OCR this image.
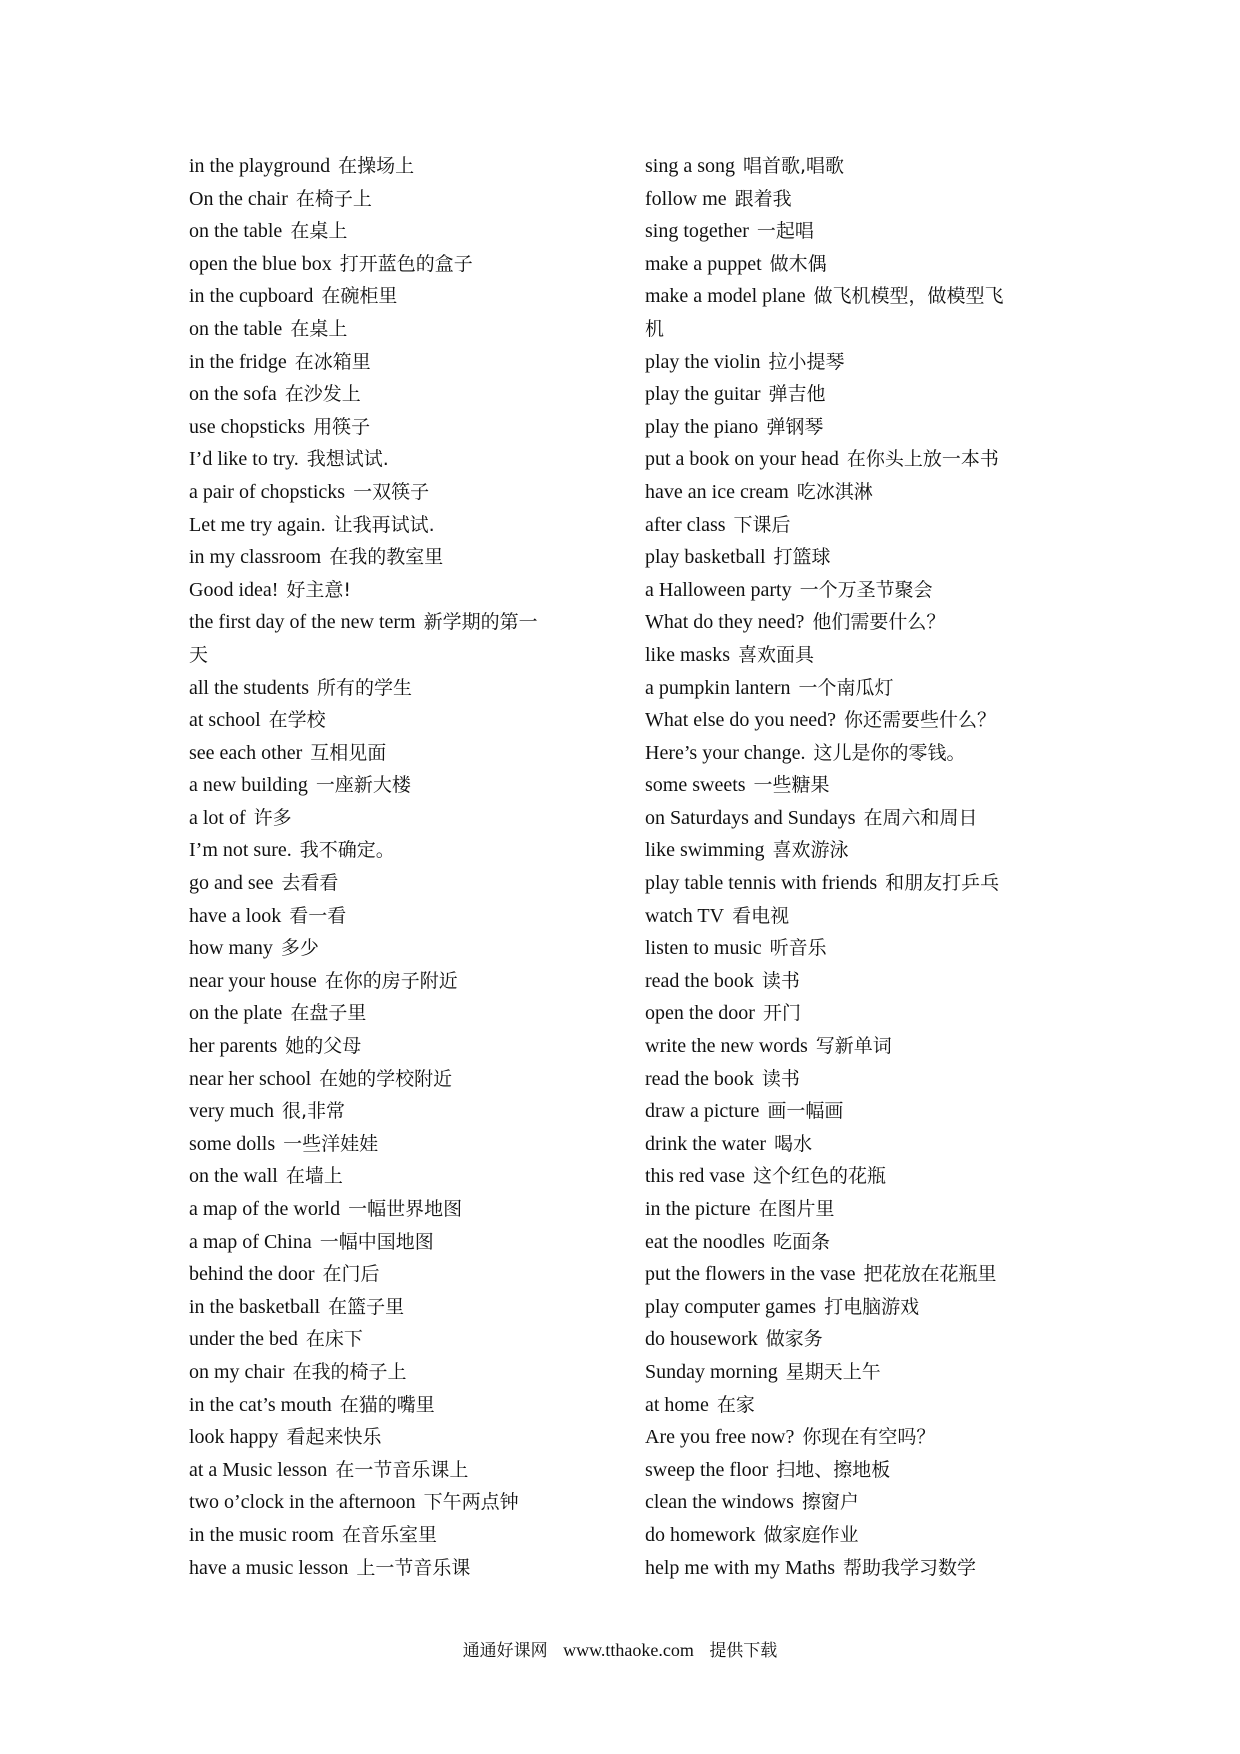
in the playground 在操场上
On the chair 在椅子上
on the table 在桌上
open the blue box 打开蓝色的盒子
in the cupboard 在碗柜里
on the table 在桌上
in the fridge 在冰箱里
on the sofa 在沙发上
use chopsticks 用筷子
I’d like to try. 我想试试.
a pair of chopsticks 一双筷子
Let me try again. 让我再试试.
in my classroom 在我的教室里
Good idea! 好主意!
the first day of the new term 新学期的第一
天
all the students 所有的学生
at school 在学校
see each other 互相见面
a new building 一座新大楼
a lot of 许多
I’m not sure. 我不确定。
go and see 去看看
have a look 看一看
how many 多少
near your house 在你的房子附近
on the plate 在盘子里
her parents 她的父母
near her school 在她的学校附近
very much 很,非常
some dolls 一些洋娃娃
on the wall 在墙上
a map of the world 一幅世界地图
a map of China 一幅中国地图
behind the door 在门后
in the basketball 在篮子里
under the bed 在床下
on my chair 在我的椅子上
in the cat’s mouth 在猫的嘴里
look happy 看起来快乐
at a Music lesson 在一节音乐课上
two o’clock in the afternoon 下午两点钟
in the music room 在音乐室里
have a music lesson 上一节音乐课
sing a song 唱首歌,唱歌
follow me 跟着我
sing together 一起唱
make a puppet 做木偶
make a model plane 做飞机模型，做模型飞
机
play the violin 拉小提琴
play the guitar 弹吉他
play the piano 弹钢琴
put a book on your head 在你头上放一本书
have an ice cream 吃冰淇淋
after class 下课后
play basketball 打篮球
a Halloween party 一个万圣节聚会
What do they need? 他们需要什么？
like masks 喜欢面具
a pumpkin lantern 一个南瓜灯
What else do you need? 你还需要些什么？
Here’s your change. 这儿是你的零钱。
some sweets 一些糖果
on Saturdays and Sundays 在周六和周日
like swimming 喜欢游泳
play table tennis with friends 和朋友打乒乓
watch TV 看电视
listen to music 听音乐
read the book 读书
open the door 开门
write the new words 写新单词
read the book 读书
draw a picture 画一幅画
drink the water 喝水
this red vase 这个红色的花瓶
in the picture 在图片里
eat the noodles 吃面条
put the flowers in the vase 把花放在花瓶里
play computer games 打电脑游戏
do housework 做家务
Sunday morning 星期天上午
at home 在家
Are you free now? 你现在有空吗？
sweep the floor 扫地、擦地板
clean the windows 擦窗户
do homework 做家庭作业
help me with my Maths 帮助我学习数学
通通好课网 www.tthaoke.com 提供下载
